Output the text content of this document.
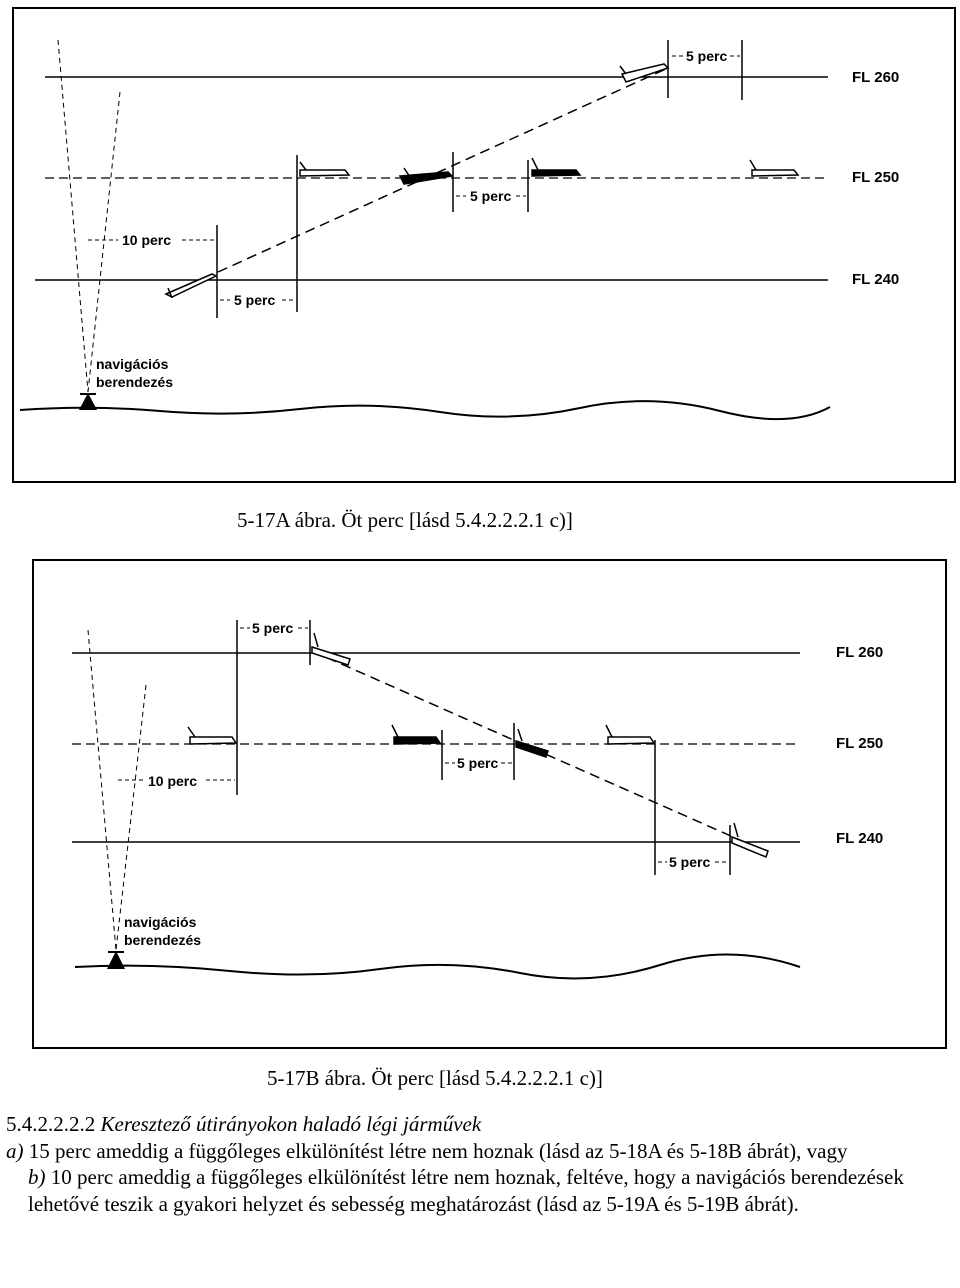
FL 260
FL 250
FL 240
5 perc
5 perc
10 perc
5 perc
navigációs
berendezés
5-17A ábra. Öt perc [lásd 5.4.2.2.2.1 c)]
FL 260
FL 250
FL 240
5 perc
10 perc
5 perc
5 perc
navigációs
berendezés
5-17B ábra. Öt perc [lásd 5.4.2.2.2.1 c)]

5.4.2.2.2.2 Keresztező útirányokon haladó légi járművek

a) 15 perc ameddig a függőleges elkülönítést létre nem hoznak (lásd az 5-18A és 5-18B ábrát), vagy

b) 10 perc ameddig a függőleges elkülönítést létre nem hoznak, feltéve, hogy a navigációs berendezések lehetővé teszik a gyakori helyzet és sebesség meghatározást (lásd az 5-19A és 5-19B ábrát).
